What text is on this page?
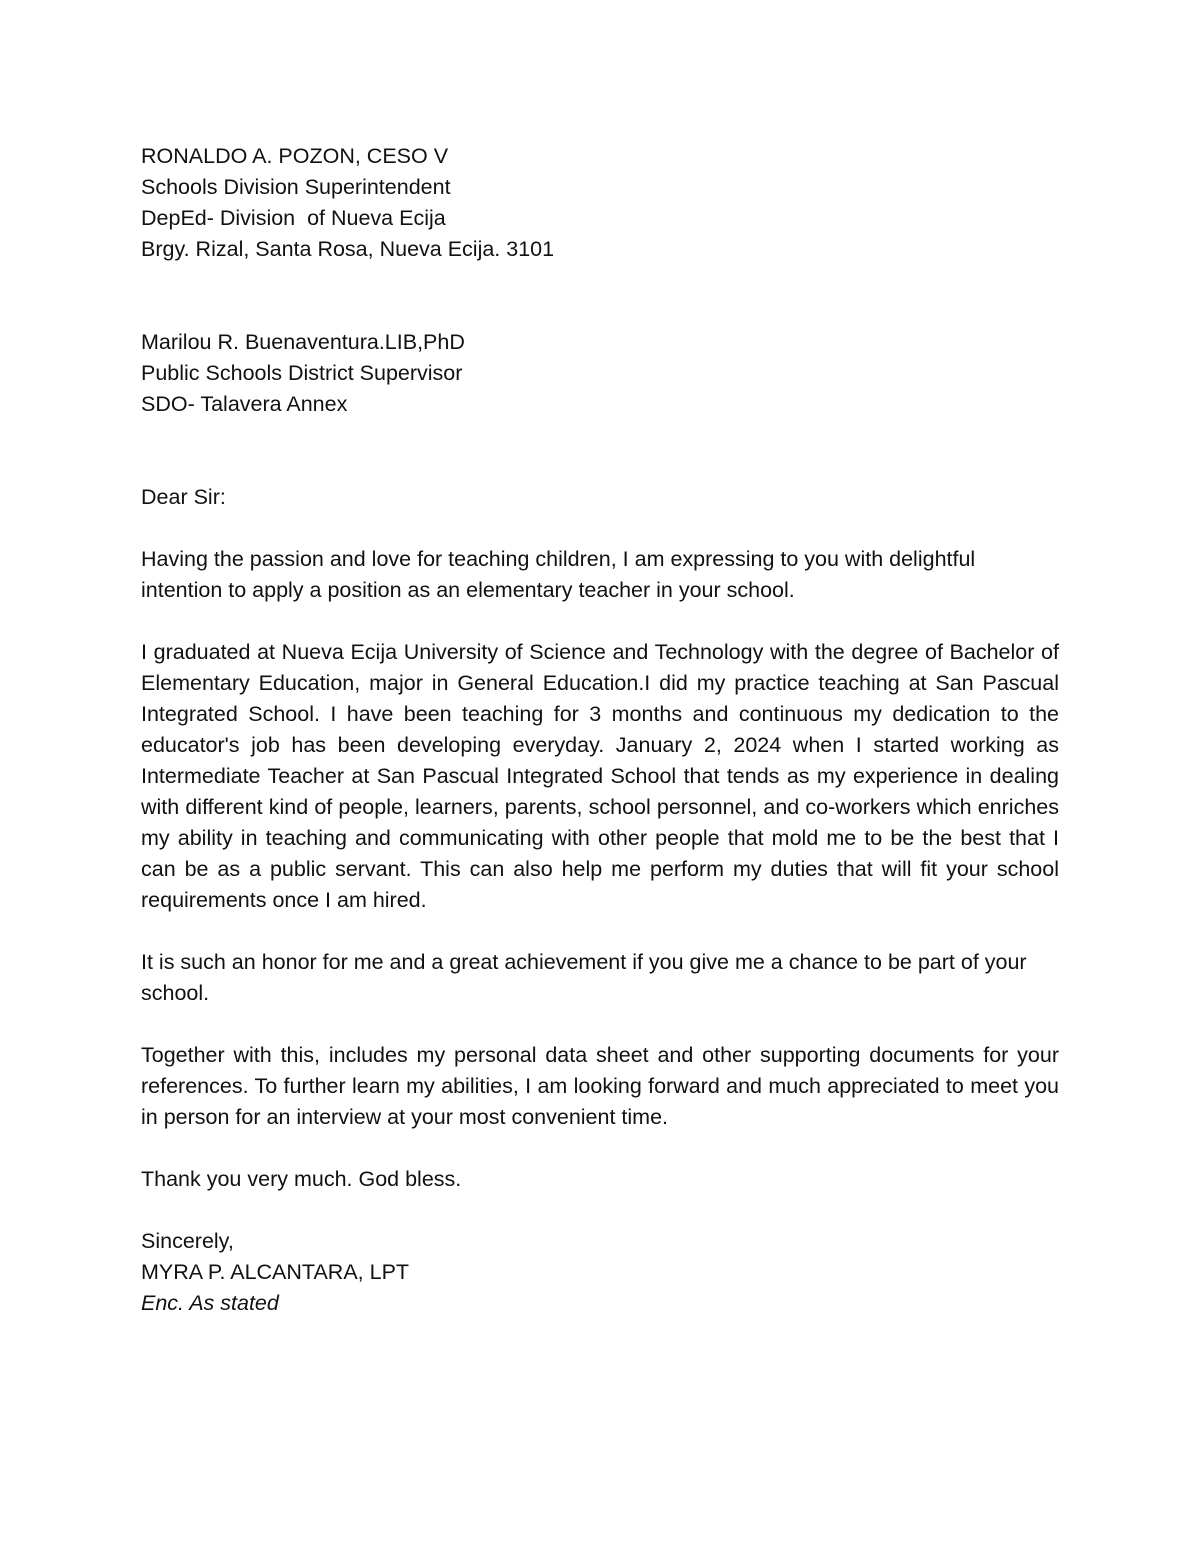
RONALDO A. POZON, CESO V
Schools Division Superintendent
DepEd- Division  of Nueva Ecija
Brgy. Rizal, Santa Rosa, Nueva Ecija. 3101
Marilou R. Buenaventura.LIB,PhD
Public Schools District Supervisor
SDO- Talavera Annex

Dear Sir:

Having the passion and love for teaching children, I am expressing to you with delightful intention to apply a position as an elementary teacher in your school.

I graduated at Nueva Ecija University of Science and Technology with the degree of Bachelor of Elementary Education, major in General Education.I did my practice teaching at San Pascual Integrated School. I have been teaching for 3 months and continuous my dedication to the educator's job has been developing everyday. January 2, 2024 when I started working as Intermediate Teacher at San Pascual Integrated School that tends as my experience in dealing with different kind of people, learners, parents, school personnel, and co-workers which enriches my ability in teaching and communicating with other people that mold me to be the best that I can be as a public servant. This can also help me perform my duties that will fit your school requirements once I am hired.

It is such an honor for me and a great achievement if you give me a chance to be part of your school.

Together with this, includes my personal data sheet and other supporting documents for your references. To further learn my abilities, I am looking forward and much appreciated to meet you in person for an interview at your most convenient time.

Thank you very much. God bless.

Sincerely,
MYRA P. ALCANTARA, LPT
Enc. As stated
